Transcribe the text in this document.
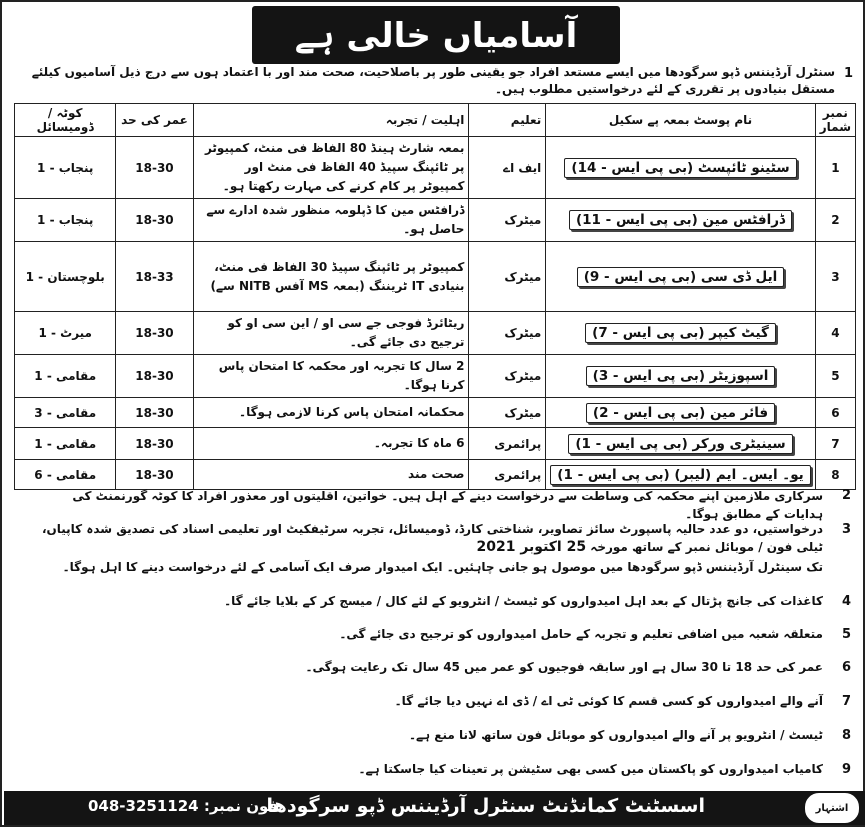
آسامیاں خالی ہے
1
سنٹرل آرڈیننس ڈپو سرگودھا میں ایسے مستعد افراد جو یقینی طور پر باصلاحیت، صحت مند اور با اعتماد ہوں سے درج ذیل آسامیوں کیلئے مستقل بنیادوں پر تقرری کے لئے درخواستیں مطلوب ہیں۔
نمبر شمار	نام پوسٹ بمعہ پے سکیل	تعلیم	اہلیت / تجربہ	عمر کی حد	کوٹہ / ڈومیسائل
1	سٹینو ٹائپسٹ (بی پی ایس - 14)	ایف اے	بمعہ شارٹ ہینڈ 80 الفاظ فی منٹ، کمپیوٹر پر ٹائپنگ سپیڈ 40 الفاظ فی منٹ اور کمپیوٹر پر کام کرنے کی مہارت رکھتا ہو۔	18-30	پنجاب - 1
2	ڈرافٹس مین (بی پی ایس - 11)	میٹرک	ڈرافٹس مین کا ڈپلومہ منظور شدہ ادارے سے حاصل ہو۔	18-30	پنجاب - 1
3	ایل ڈی سی (بی پی ایس - 9)	میٹرک	کمپیوٹر پر ٹائپنگ سپیڈ 30 الفاظ فی منٹ، بنیادی IT ٹریننگ (بمعہ MS آفس NITB سے)	18-33	بلوچستان - 1
4	گیٹ کیپر (بی پی ایس - 7)	میٹرک	ریٹائرڈ فوجی جے سی او / این سی او کو ترجیح دی جائے گی۔	18-30	میرٹ - 1
5	اسپوزیٹر (بی پی ایس - 3)	میٹرک	2 سال کا تجربہ اور محکمہ کا امتحان پاس کرنا ہوگا۔	18-30	مقامی - 1
6	فائر مین (بی پی ایس - 2)	میٹرک	محکمانہ امتحان پاس کرنا لازمی ہوگا۔	18-30	مقامی - 3
7	سینیٹری ورکر (بی پی ایس - 1)	پرائمری	6 ماہ کا تجربہ۔	18-30	مقامی - 1
8	یو۔ ایس۔ ایم (لیبر) (بی پی ایس - 1)	پرائمری	صحت مند	18-30	مقامی - 6
2
سرکاری ملازمین اپنے محکمہ کی وساطت سے درخواست دینے کے اہل ہیں۔ خواتین، اقلیتوں اور معذور افراد کا کوٹہ گورنمنٹ کی ہدایات کے مطابق ہوگا۔
3
درخواستیں، دو عدد حالیہ پاسپورٹ سائز تصاویر، شناختی کارڈ، ڈومیسائل، تجربہ سرٹیفکیٹ اور تعلیمی اسناد کی تصدیق شدہ کاپیاں، ٹیلی فون / موبائل نمبر کے ساتھ مورخہ 25 اکتوبر 2021
تک سینٹرل آرڈیننس ڈپو سرگودھا میں موصول ہو جانی چاہئیں۔ ایک امیدوار صرف ایک آسامی کے لئے درخواست دینے کا اہل ہوگا۔
4
کاغذات کی جانچ پڑتال کے بعد اہل امیدواروں کو ٹیسٹ / انٹرویو کے لئے کال / میسج کر کے بلایا جائے گا۔
5
متعلقہ شعبہ میں اضافی تعلیم و تجربہ کے حامل امیدواروں کو ترجیح دی جائے گی۔
6
عمر کی حد 18 تا 30 سال ہے اور سابقہ فوجیوں کو عمر میں 45 سال تک رعایت ہوگی۔
7
آنے والے امیدواروں کو کسی قسم کا کوئی ٹی اے / ڈی اے نہیں دیا جائے گا۔
8
ٹیسٹ / انٹرویو پر آنے والے امیدواروں کو موبائل فون ساتھ لانا منع ہے۔
9
کامیاب امیدواروں کو پاکستان میں کسی بھی سٹیشن پر تعینات کیا جاسکتا ہے۔
اشتہار
اسسٹنٹ کمانڈنٹ سنٹرل آرڈیننس ڈپو سرگودھا
فون نمبر: 048-3251124
